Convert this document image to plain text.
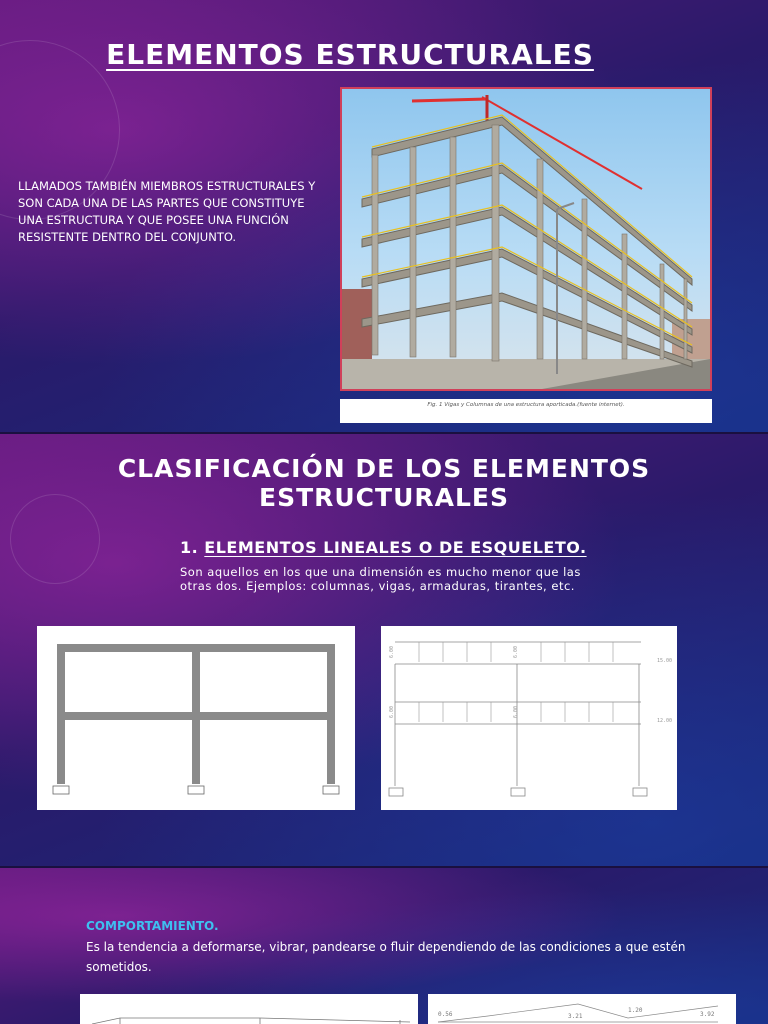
ELEMENTOS ESTRUCTURALES
LLAMADOS TAMBIÉN MIEMBROS ESTRUCTURALES Y SON CADA UNA DE LAS PARTES QUE CONSTITUYE UNA ESTRUCTURA Y QUE POSEE UNA FUNCIÓN RESISTENTE DENTRO DEL CONJUNTO.
Fig. 1 Vigas y Columnas de una estructura aporticada.(fuente internet).
CLASIFICACIÓN DE LOS ELEMENTOS ESTRUCTURALES
1. ELEMENTOS LINEALES O DE ESQUELETO.
Son aquellos en los que una dimensión es mucho menor que las otras dos. Ejemplos: columnas, vigas, armaduras, tirantes, etc.
6.00	6.00
15.00
6.00	6.00
12.00
COMPORTAMIENTO.
Es la tendencia a deformarse, vibrar, pandearse o fluir dependiendo de las condiciones a que estén sometidos.
0.56	3.21
1.20
3.92
